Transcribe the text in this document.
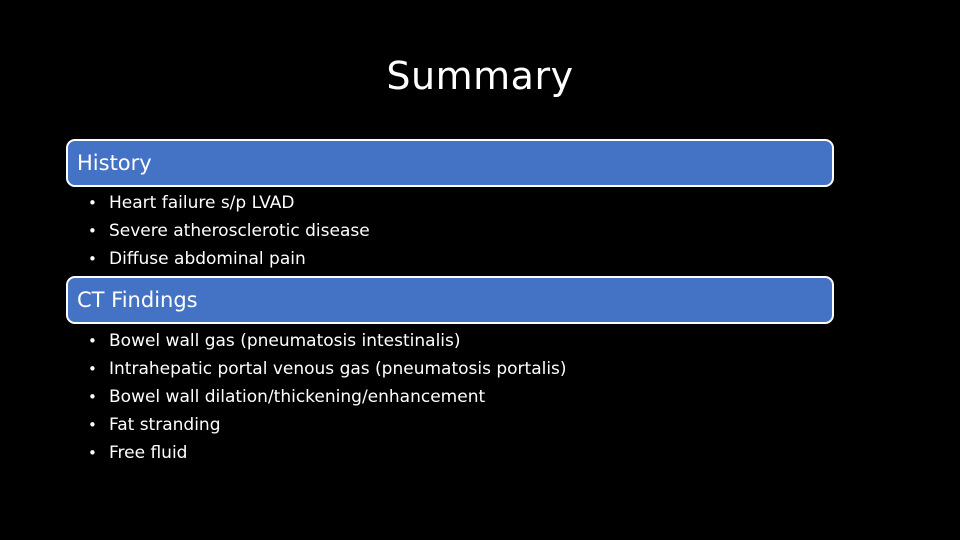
Summary
History
• Heart failure s/p LVAD
• Severe atherosclerotic disease
• Diffuse abdominal pain
CT Findings
• Bowel wall gas (pneumatosis intestinalis)
• Intrahepatic portal venous gas (pneumatosis portalis)
• Bowel wall dilation/thickening/enhancement
• Fat stranding
• Free fluid
